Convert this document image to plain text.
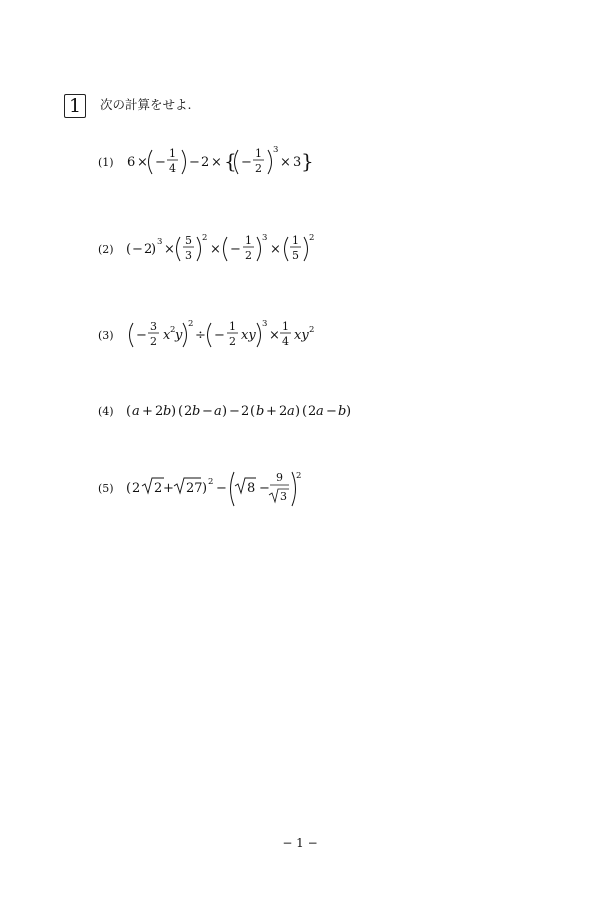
1	次の計算をせよ.
(1)
(2)
(3)
(4)
(5)
6 × −
1
4 − 2 × { −
1
2
3
× 3 }
( − 2
) 3 ×
5
3
2
× −
1
2
3
×
1
5
2
−
3
2 x 2 y
2
÷ −
1
2 xy
3
×
1
4 xy 2
( a + 2 b ) ( 2 b − a ) − 2 ( b + 2 a ) ( 2 a − b )
( 2 2 + 27 ) 2 − 8 −
9
3
2
− 1 −
